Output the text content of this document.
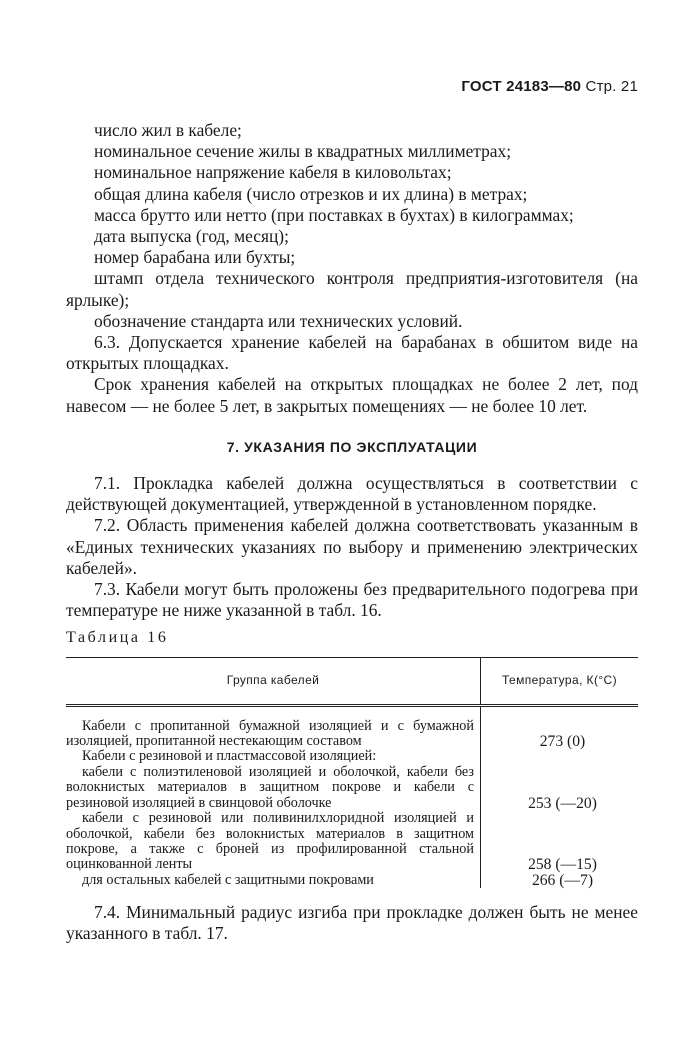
ГОСТ 24183—80 Стр. 21

число жил в кабеле;

номинальное сечение жилы в квадратных миллиметрах;

номинальное напряжение кабеля в киловольтах;

общая длина кабеля (число отрезков и их длина) в метрах;

масса брутто или нетто (при поставках в бухтах) в килограммах;

дата выпуска (год, месяц);

номер барабана или бухты;

штамп отдела технического контроля предприятия-изготовителя (на ярлыке);

обозначение стандарта или технических условий.

6.3. Допускается хранение кабелей на барабанах в обшитом виде на открытых площадках.

Срок хранения кабелей на открытых площадках не более 2 лет, под навесом — не более 5 лет, в закрытых помещениях — не более 10 лет.

7. УКАЗАНИЯ ПО ЭКСПЛУАТАЦИИ

7.1. Прокладка кабелей должна осуществляться в соответствии с действующей документацией, утвержденной в установленном порядке.

7.2. Область применения кабелей должна соответствовать указанным в «Единых технических указаниях по выбору и применению электрических кабелей».

7.3. Кабели могут быть проложены без предварительного подогрева при температуре не ниже указанной в табл. 16.

Таблица 16

Группа кабелей	Температура, К(°С)

Кабели с пропитанной бумажной изоляцией и с бумажной изоляцией, пропитанной нестекающим составом	273 (0)

Кабели с резиновой и пластмассовой изоляцией:	

кабели с полиэтиленовой изоляцией и оболочкой, кабели без волокнистых материалов в защитном покрове и кабели с резиновой изоляцией в свинцовой оболочке	253 (—20)

кабели с резиновой или поливинилхлоридной изоляцией и оболочкой, кабели без волокнистых материалов в защитном покрове, а также с броней из профилированной стальной оцинкованной ленты	258 (—15)

для остальных кабелей с защитными покровами	266 (—7)

7.4. Минимальный радиус изгиба при прокладке должен быть не менее указанного в табл. 17.
